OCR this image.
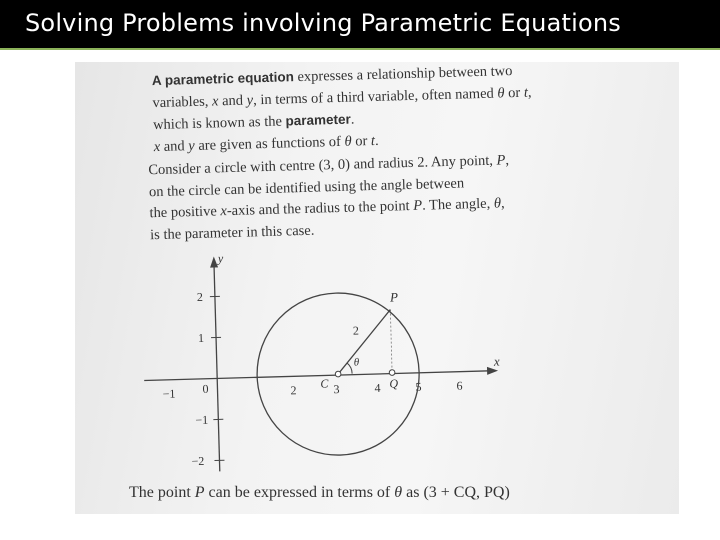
Solving Problems involving Parametric Equations
A parametric equation expresses a relationship between two
variables, x and y, in terms of a third variable, often named θ or t,
which is known as the parameter.
x and y are given as functions of θ or t.
Consider a circle with centre (3, 0) and radius 2. Any point, P,
on the circle can be identified using the angle between
the positive x-axis and the radius to the point P. The angle, θ,
is the parameter in this case.
y
x
2
1
−1
−2
−1 0	2	3	4	5	6
P
C	Q
2
θ
The point P can be expressed in terms of θ as (3 + CQ, PQ)
